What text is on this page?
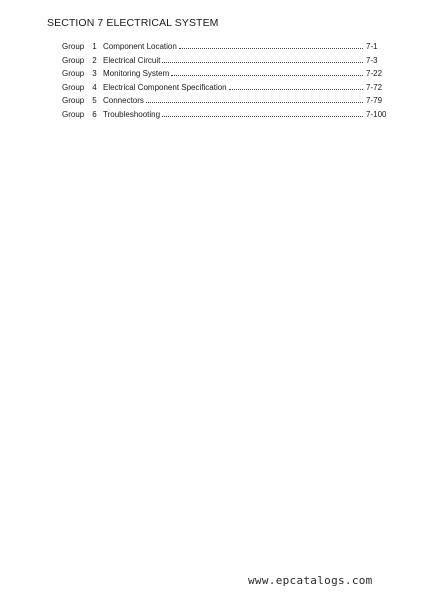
SECTION 7 ELECTRICAL SYSTEM
Group	1 Component Location	7-1
Group	2 Electrical Circuit	7-3
Group	3 Monitoring System	7-22
Group	4 Electrical Component Specification	7-72
Group	5 Connectors	7-79
Group	6 Troubleshooting	7-100
www.epcatalogs.com
